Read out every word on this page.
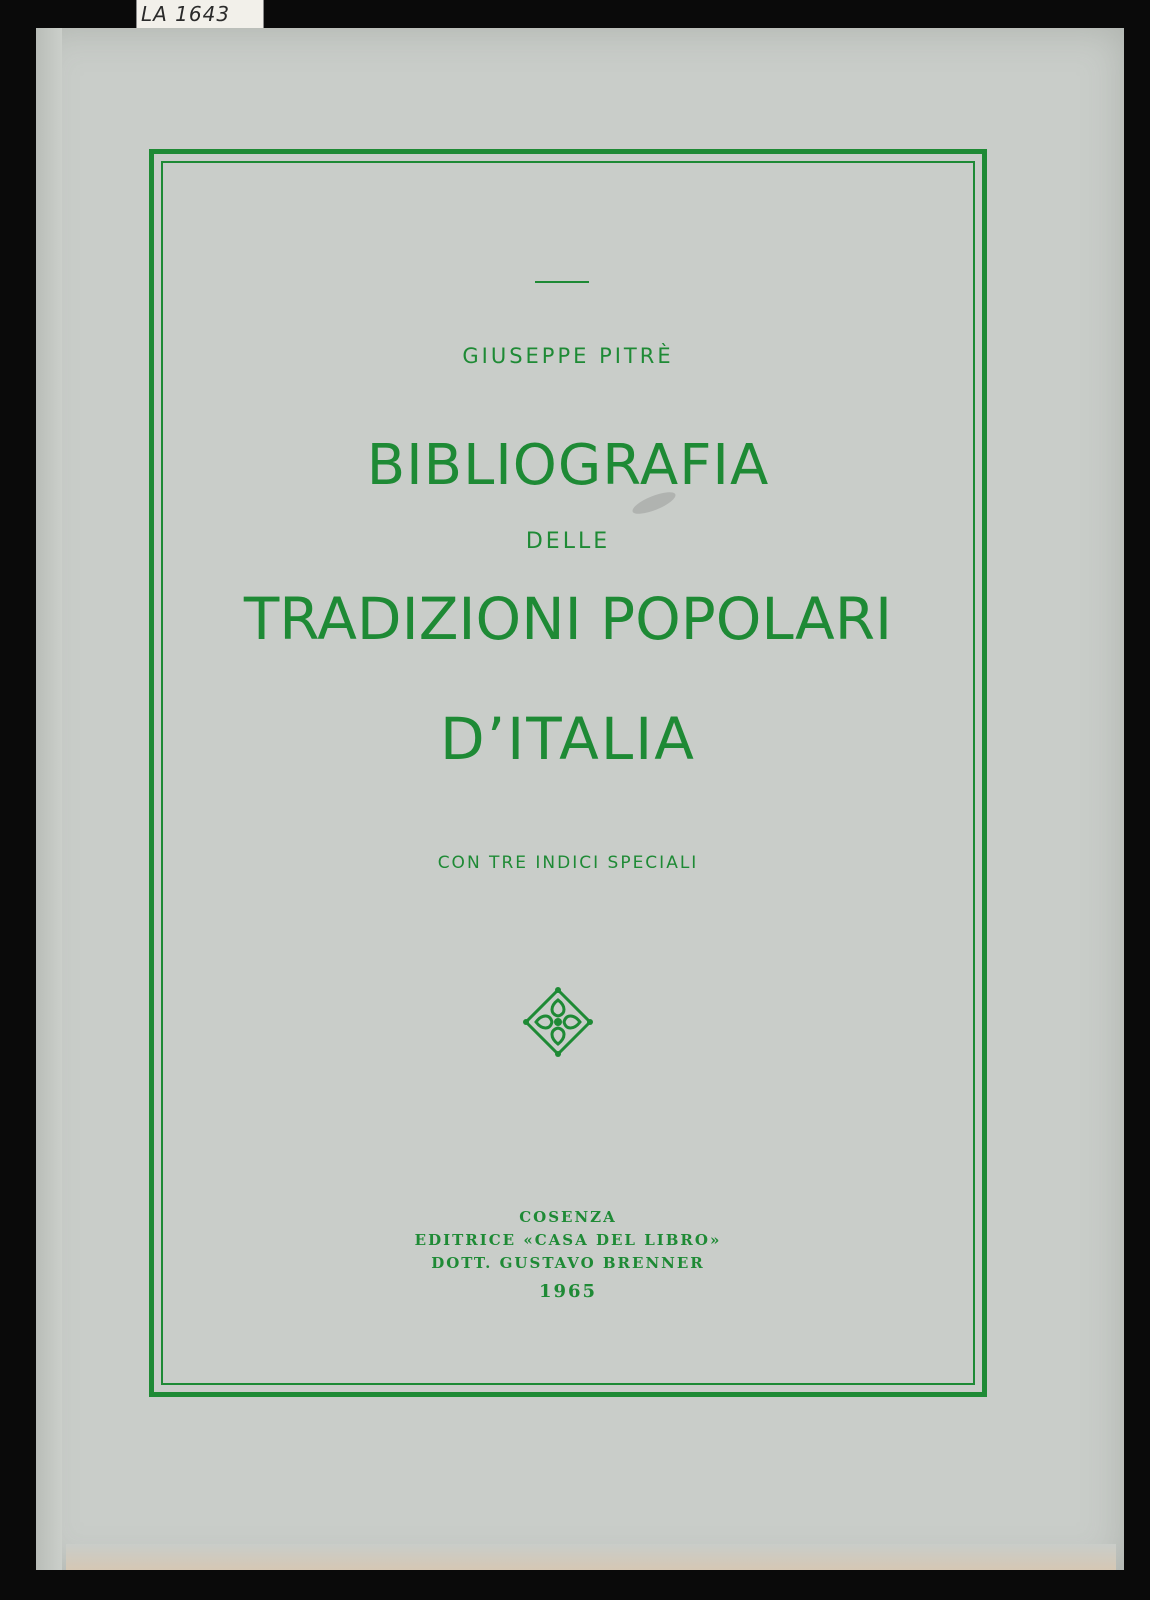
LA 1643
GIUSEPPE PITRÈ
BIBLIOGRAFIA
DELLE
TRADIZIONI POPOLARI
D’ITALIA
CON TRE INDICI SPECIALI
COSENZA
EDITRICE «CASA DEL LIBRO»
DOTT. GUSTAVO BRENNER
1965
